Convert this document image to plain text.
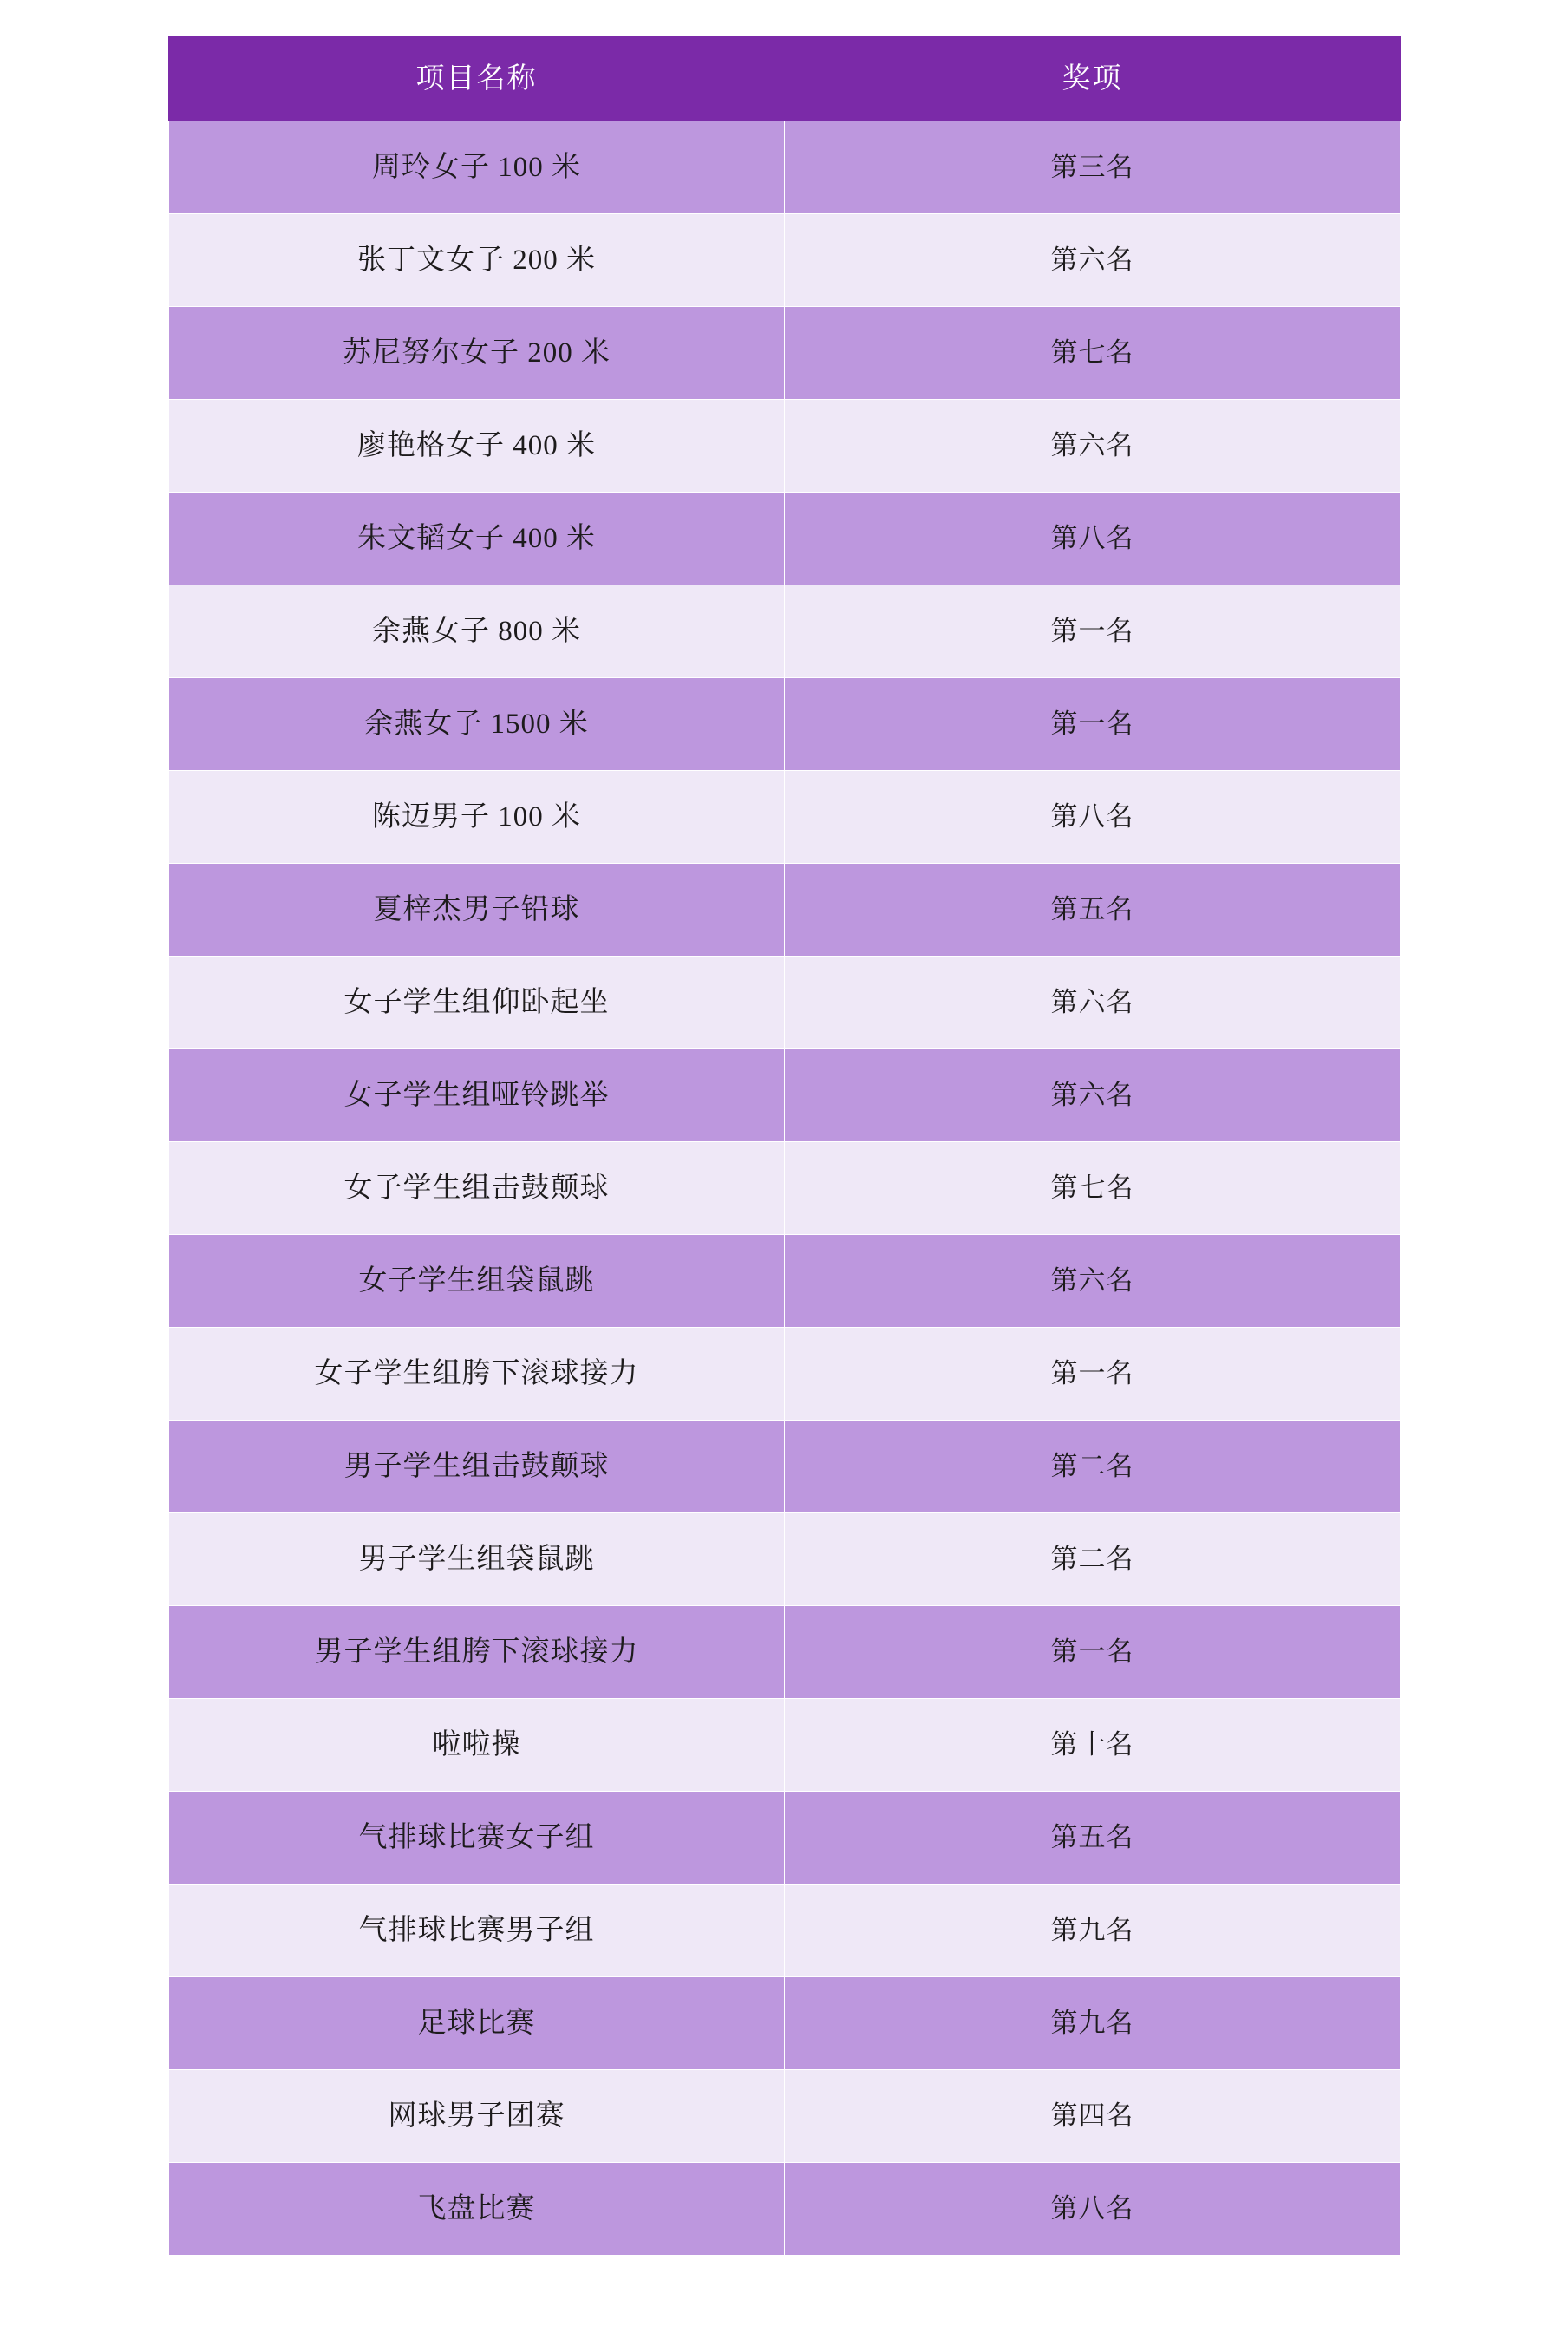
项目名称	奖项
周玲女子 100 米	第三名
张丁文女子 200 米	第六名
苏尼努尔女子 200 米	第七名
廖艳格女子 400 米	第六名
朱文韬女子 400 米	第八名
余燕女子 800 米	第一名
余燕女子 1500 米	第一名
陈迈男子 100 米	第八名
夏梓杰男子铅球	第五名
女子学生组仰卧起坐	第六名
女子学生组哑铃跳举	第六名
女子学生组击鼓颠球	第七名
女子学生组袋鼠跳	第六名
女子学生组胯下滚球接力	第一名
男子学生组击鼓颠球	第二名
男子学生组袋鼠跳	第二名
男子学生组胯下滚球接力	第一名
啦啦操	第十名
气排球比赛女子组	第五名
气排球比赛男子组	第九名
足球比赛	第九名
网球男子团赛	第四名
飞盘比赛	第八名
